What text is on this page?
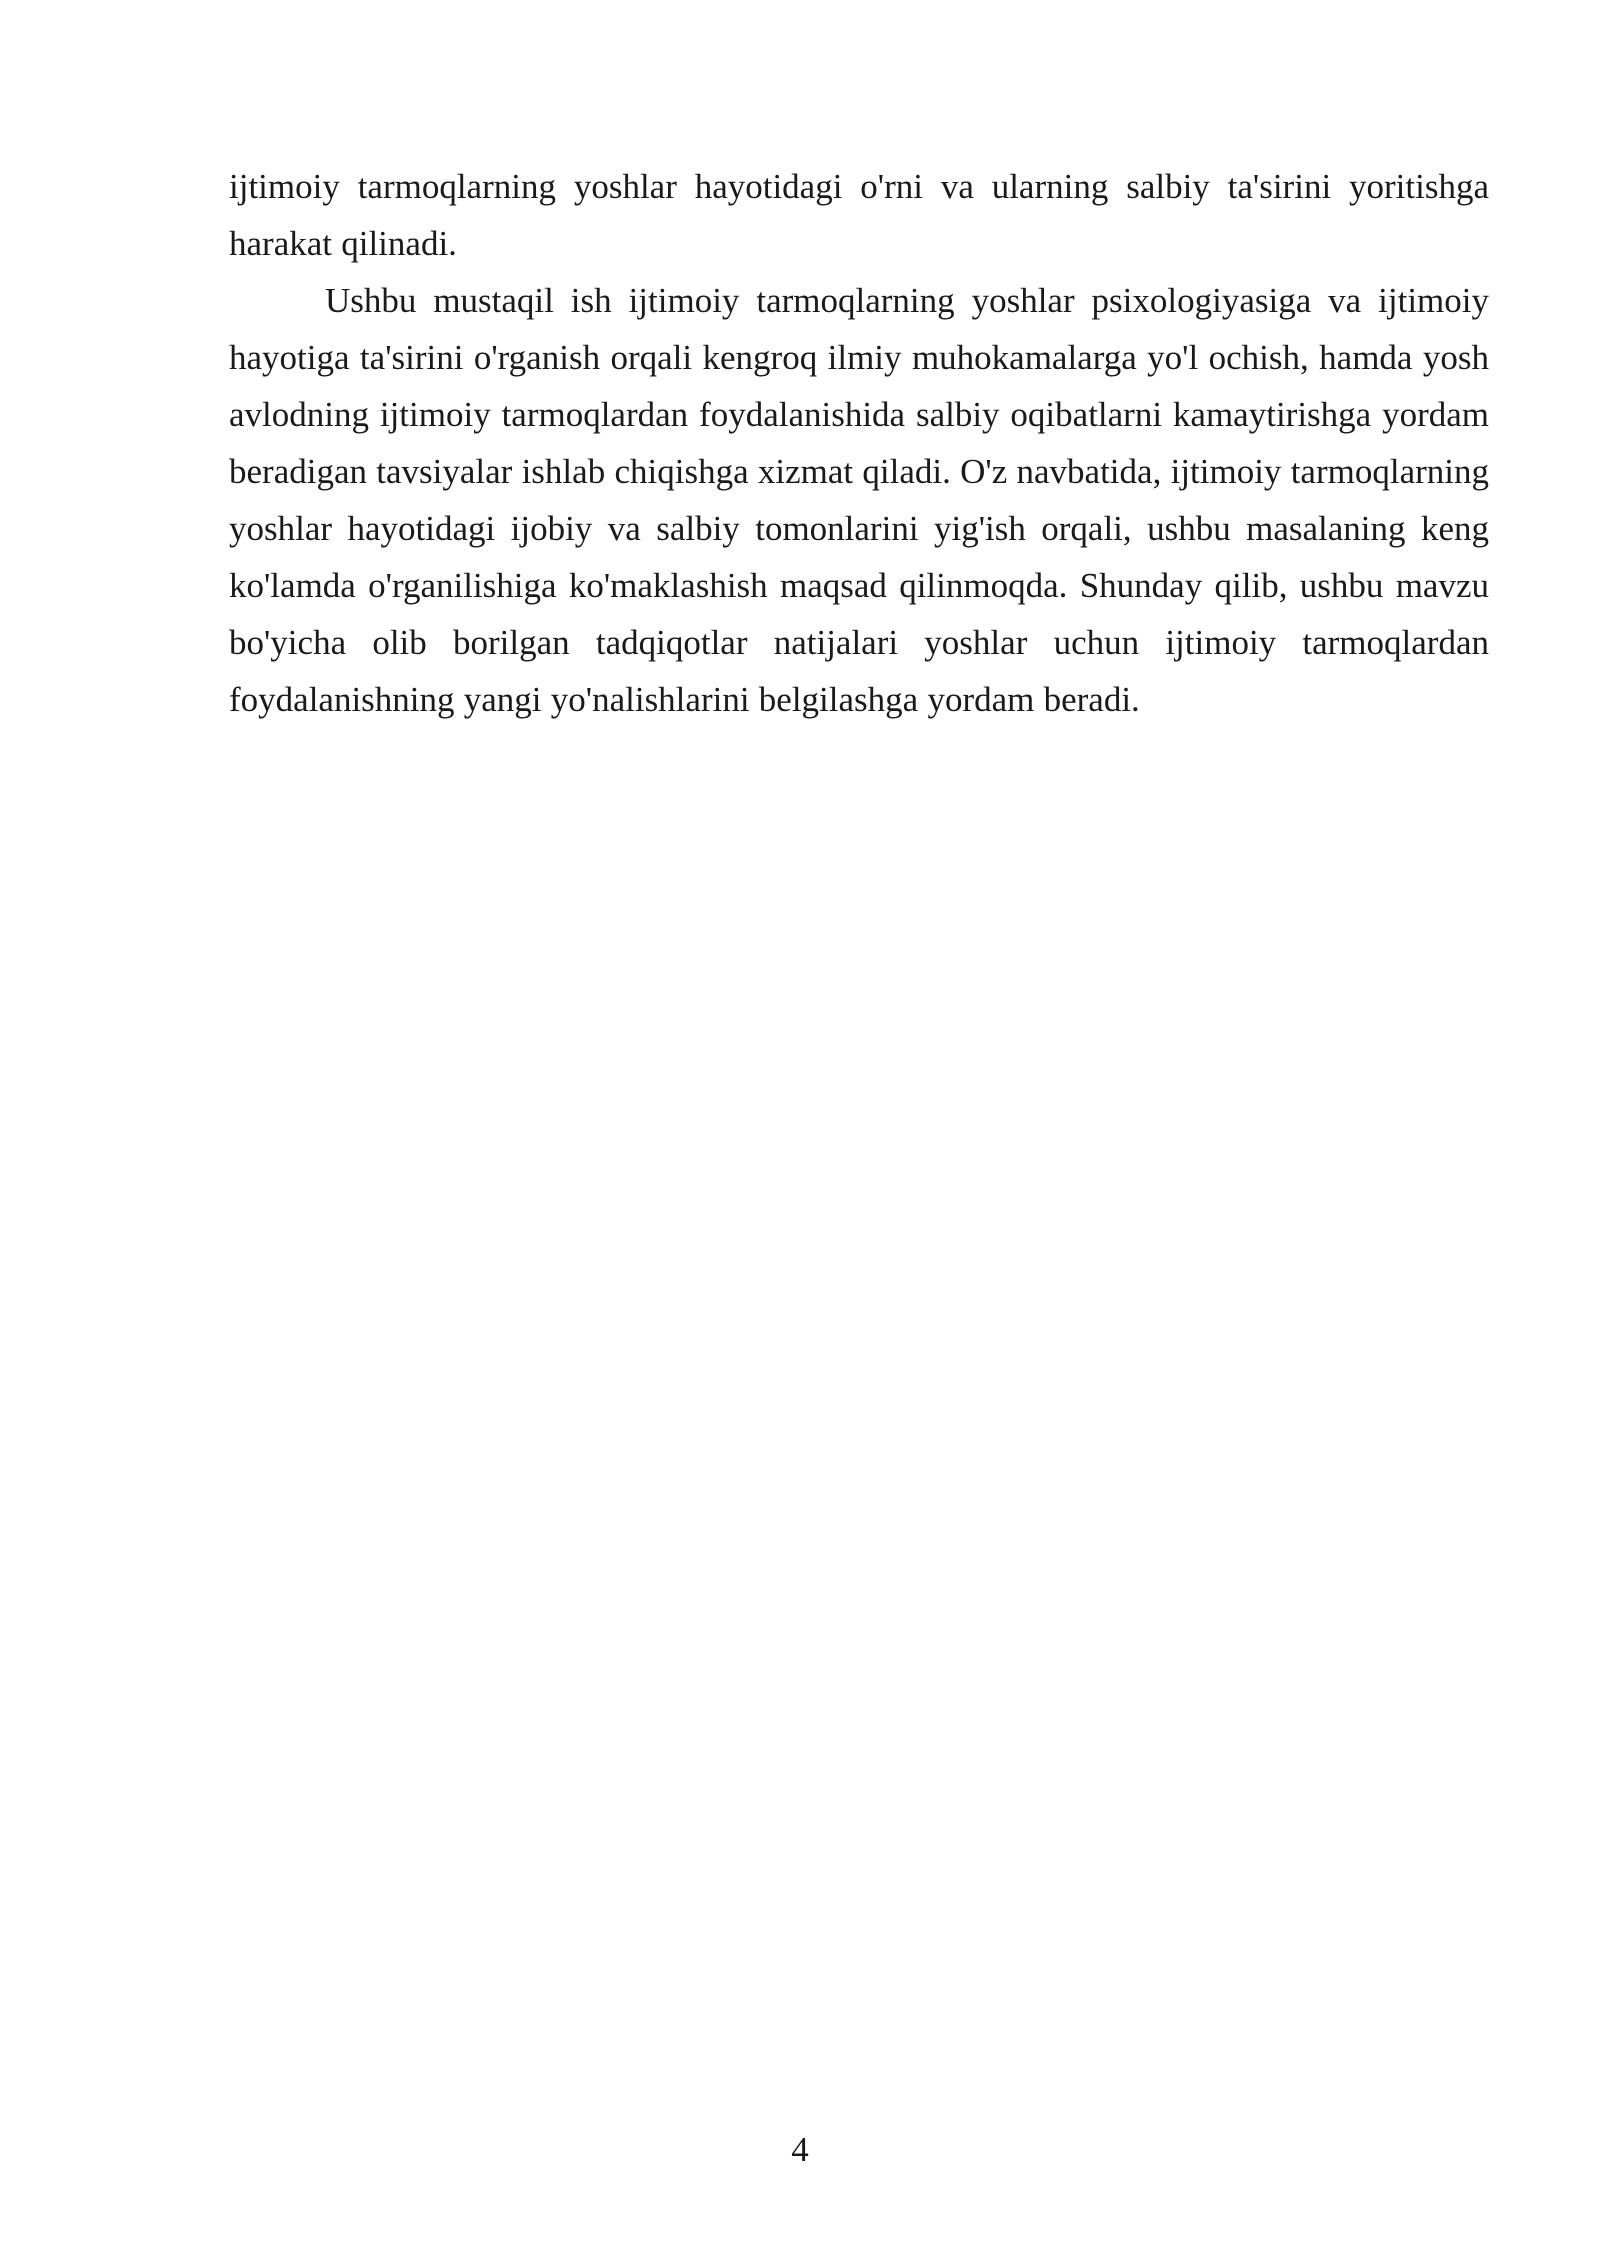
ijtimoiy tarmoqlarning yoshlar hayotidagi o'rni va ularning salbiy ta'sirini yoritishga harakat qilinadi.

Ushbu mustaqil ish ijtimoiy tarmoqlarning yoshlar psixologiyasiga va ijtimoiy hayotiga ta'sirini o'rganish orqali kengroq ilmiy muhokamalarga yo'l ochish, hamda yosh avlodning ijtimoiy tarmoqlardan foydalanishida salbiy oqibatlarni kamaytirishga yordam beradigan tavsiyalar ishlab chiqishga xizmat qiladi. O'z navbatida, ijtimoiy tarmoqlarning yoshlar hayotidagi ijobiy va salbiy tomonlarini yig'ish orqali, ushbu masalaning keng ko'lamda o'rganilishiga ko'maklashish maqsad qilinmoqda. Shunday qilib, ushbu mavzu bo'yicha olib borilgan tadqiqotlar natijalari yoshlar uchun ijtimoiy tarmoqlardan foydalanishning yangi yo'nalishlarini belgilashga yordam beradi.

4
